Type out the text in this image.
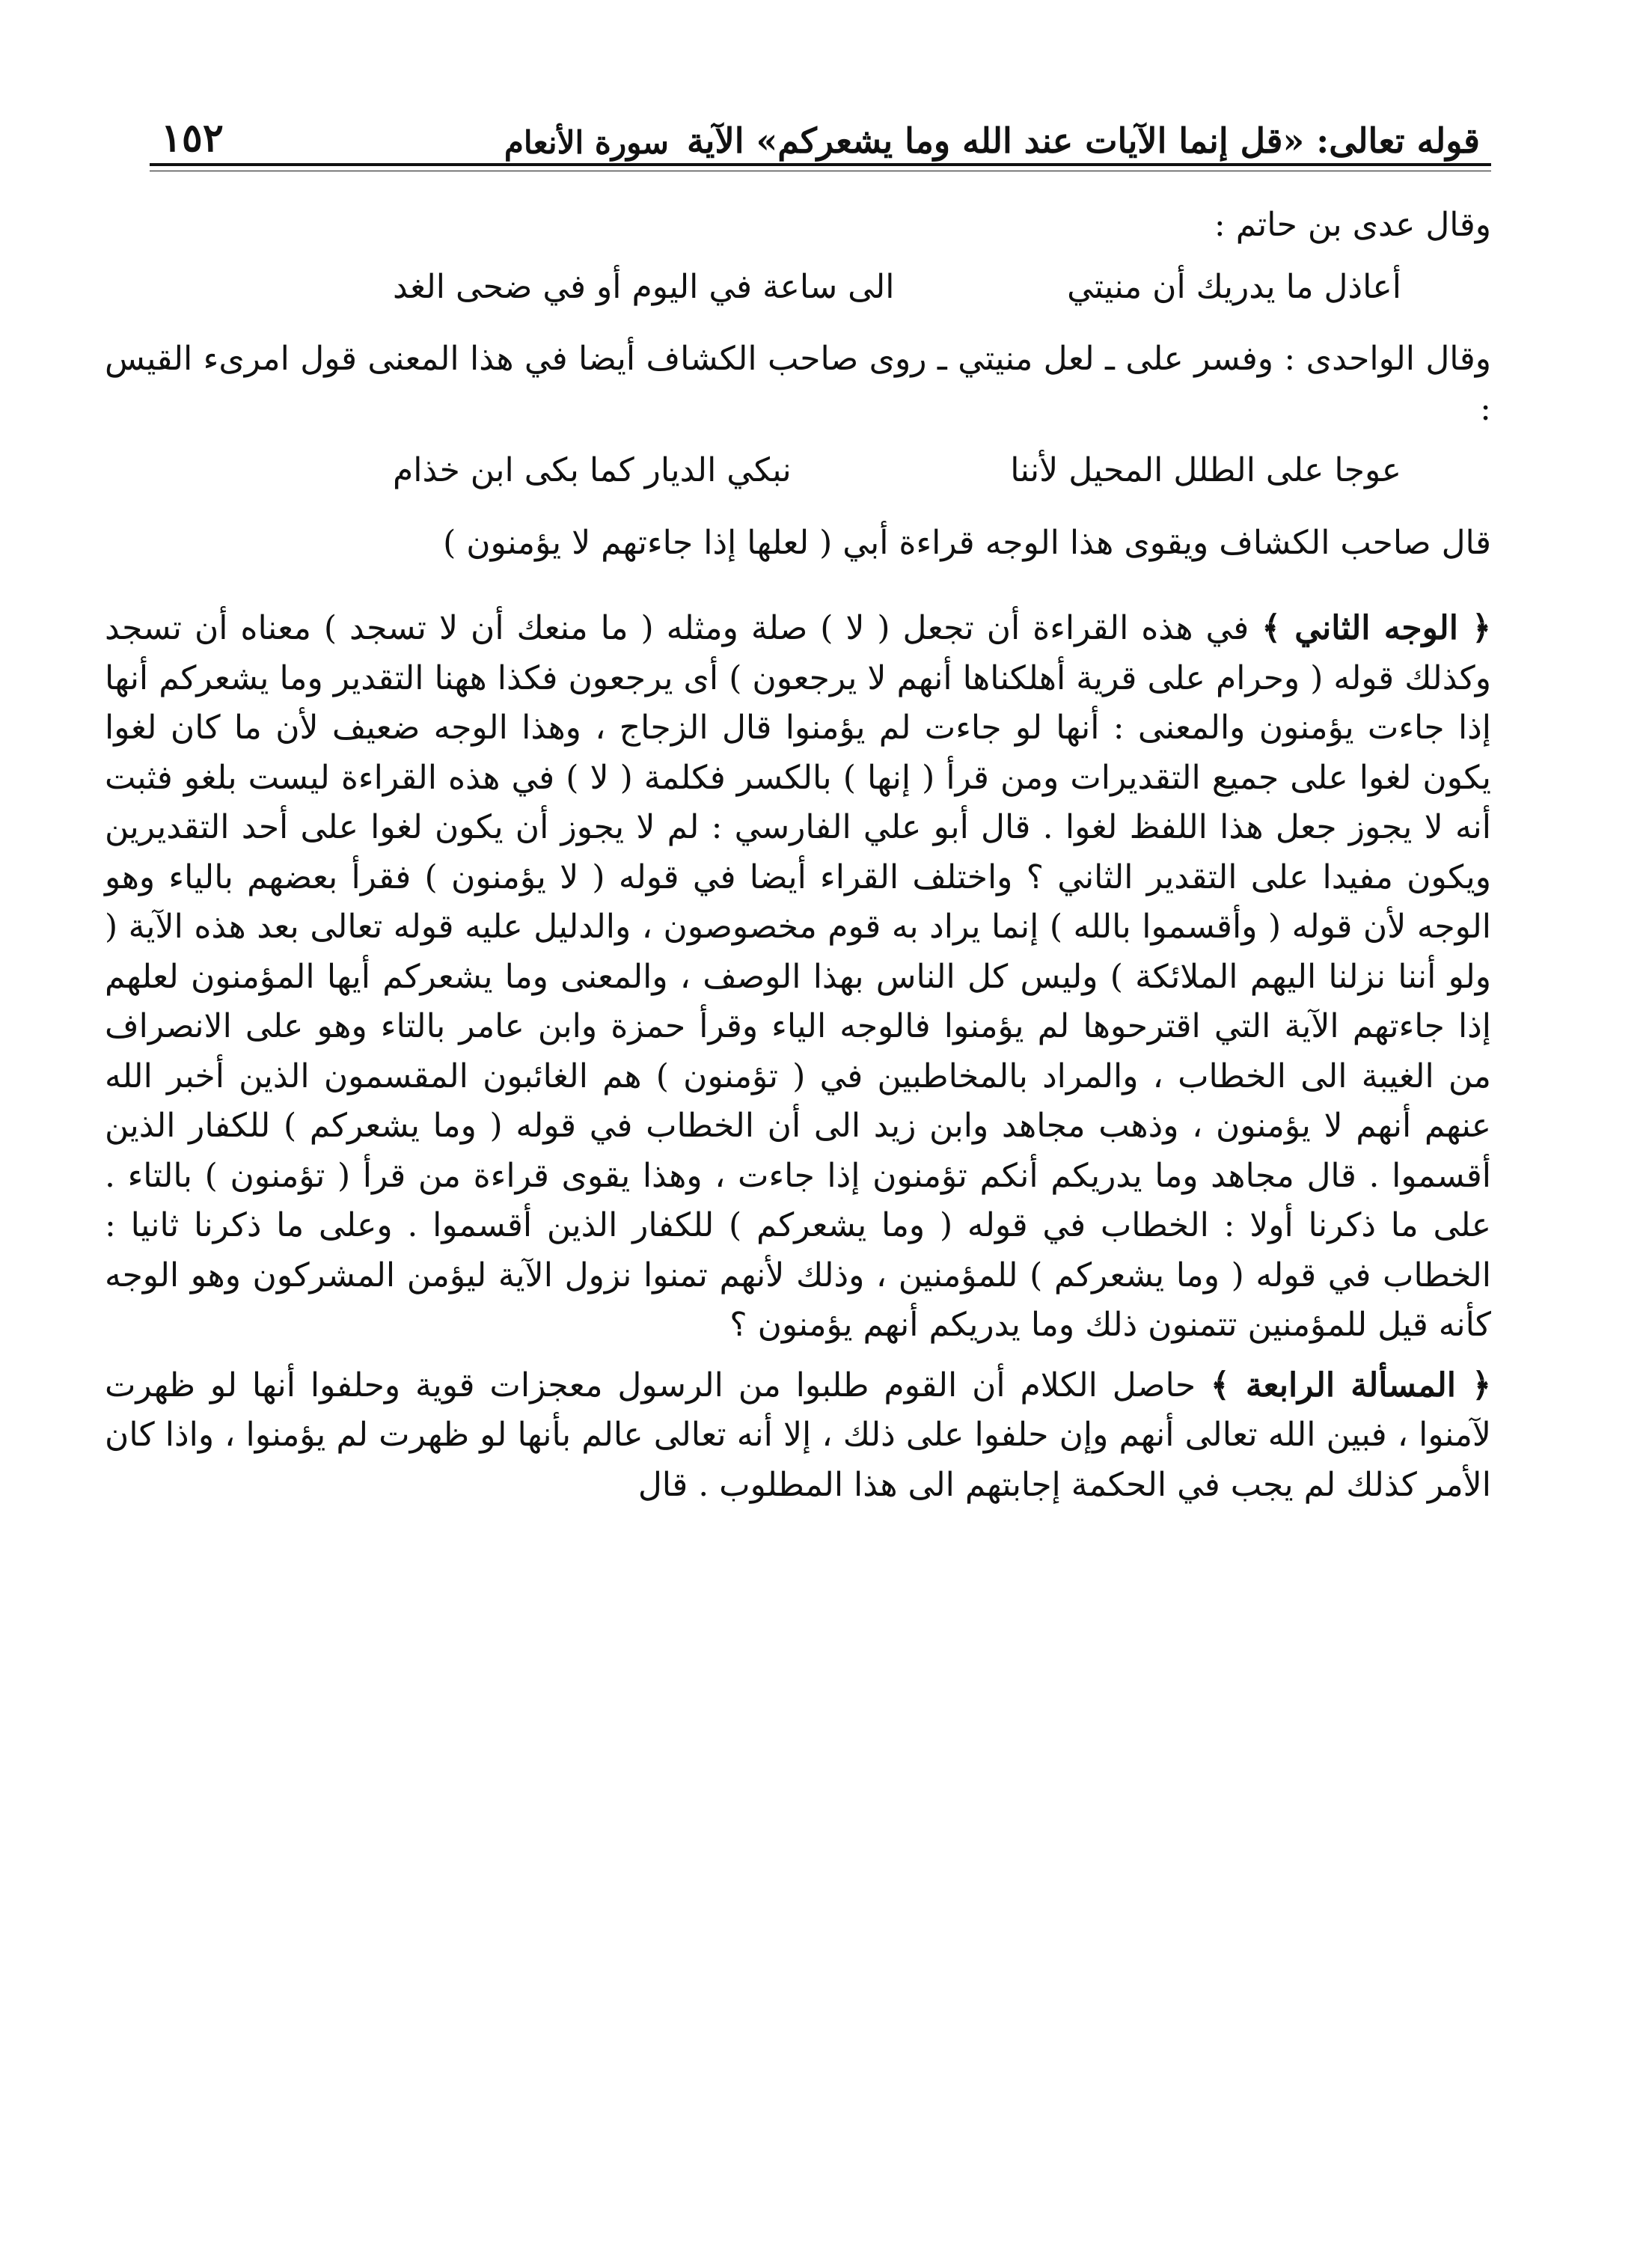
قوله تعالى: «قل إنما الآيات عند الله وما يشعركم» الآية
سورة الأنعام
١٥٢

وقال عدى بن حاتم :

أعاذل ما يدريك أن منيتي
الى ساعة في اليوم أو في ضحى الغد

وقال الواحدى : وفسر على ـ لعل منيتي ـ روى صاحب الكشاف أيضا في هذا المعنى قول امرىء القيس :

عوجا على الطلل المحيل لأننا
نبكي الديار كما بكى ابن خذام

قال صاحب الكشاف ويقوى هذا الوجه قراءة أبي ( لعلها إذا جاءتهم لا يؤمنون )

﴿ الوجه الثاني ﴾ في هذه القراءة أن تجعل ( لا ) صلة ومثله ( ما منعك أن لا تسجد ) معناه أن تسجد وكذلك قوله ( وحرام على قرية أهلكناها أنهم لا يرجعون ) أى يرجعون فكذا ههنا التقدير وما يشعركم أنها إذا جاءت يؤمنون والمعنى : أنها لو جاءت لم يؤمنوا قال الزجاج ، وهذا الوجه ضعيف لأن ما كان لغوا يكون لغوا على جميع التقديرات ومن قرأ ( إنها ) بالكسر فكلمة ( لا ) في هذه القراءة ليست بلغو فثبت أنه لا يجوز جعل هذا اللفظ لغوا . قال أبو علي الفارسي : لم لا يجوز أن يكون لغوا على أحد التقديرين ويكون مفيدا على التقدير الثاني ؟ واختلف القراء أيضا في قوله ( لا يؤمنون ) فقرأ بعضهم بالياء وهو الوجه لأن قوله ( وأقسموا بالله ) إنما يراد به قوم مخصوصون ، والدليل عليه قوله تعالى بعد هذه الآية ( ولو أننا نزلنا اليهم الملائكة ) وليس كل الناس بهذا الوصف ، والمعنى وما يشعركم أيها المؤمنون لعلهم إذا جاءتهم الآية التي اقترحوها لم يؤمنوا فالوجه الياء وقرأ حمزة وابن عامر بالتاء وهو على الانصراف من الغيبة الى الخطاب ، والمراد بالمخاطبين في ( تؤمنون ) هم الغائبون المقسمون الذين أخبر الله عنهم أنهم لا يؤمنون ، وذهب مجاهد وابن زيد الى أن الخطاب في قوله ( وما يشعركم ) للكفار الذين أقسموا . قال مجاهد وما يدريكم أنكم تؤمنون إذا جاءت ، وهذا يقوى قراءة من قرأ ( تؤمنون ) بالتاء . على ما ذكرنا أولا : الخطاب في قوله ( وما يشعركم ) للكفار الذين أقسموا . وعلى ما ذكرنا ثانيا : الخطاب في قوله ( وما يشعركم ) للمؤمنين ، وذلك لأنهم تمنوا نزول الآية ليؤمن المشركون وهو الوجه كأنه قيل للمؤمنين تتمنون ذلك وما يدريكم أنهم يؤمنون ؟

﴿ المسألة الرابعة ﴾ حاصل الكلام أن القوم طلبوا من الرسول معجزات قوية وحلفوا أنها لو ظهرت لآمنوا ، فبين الله تعالى أنهم وإن حلفوا على ذلك ، إلا أنه تعالى عالم بأنها لو ظهرت لم يؤمنوا ، واذا كان الأمر كذلك لم يجب في الحكمة إجابتهم الى هذا المطلوب . قال
